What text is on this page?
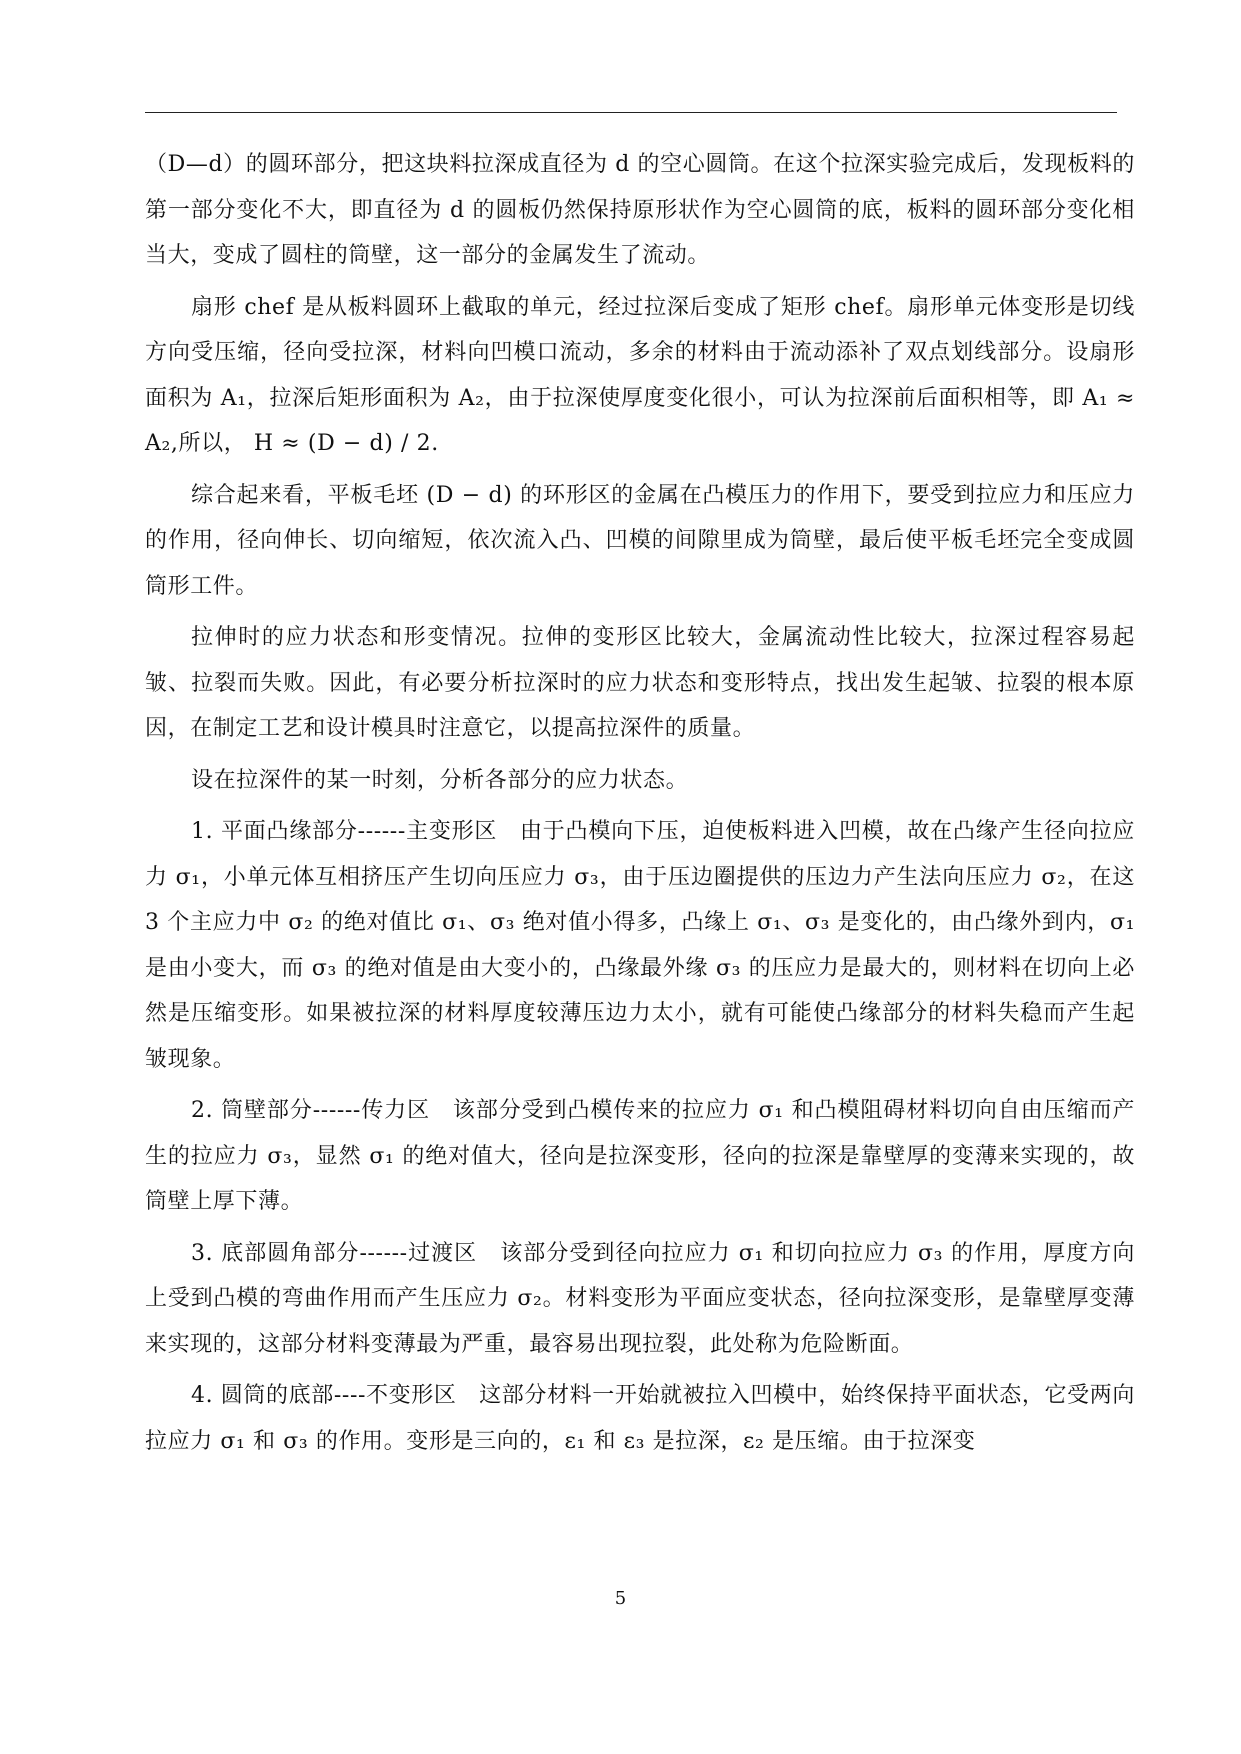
（D—d）的圆环部分，把这块料拉深成直径为 d 的空心圆筒。在这个拉深实验完成后，发现板料的第一部分变化不大，即直径为 d 的圆板仍然保持原形状作为空心圆筒的底，板料的圆环部分变化相当大，变成了圆柱的筒壁，这一部分的金属发生了流动。

扇形 chef 是从板料圆环上截取的单元，经过拉深后变成了矩形 chef。扇形单元体变形是切线方向受压缩，径向受拉深，材料向凹模口流动，多余的材料由于流动添补了双点划线部分。设扇形面积为 A₁，拉深后矩形面积为 A₂，由于拉深使厚度变化很小，可认为拉深前后面积相等，即 A₁ ≈ A₂,所以， H ≈ (D − d) / 2.

综合起来看，平板毛坯 (D − d) 的环形区的金属在凸模压力的作用下，要受到拉应力和压应力的作用，径向伸长、切向缩短，依次流入凸、凹模的间隙里成为筒壁，最后使平板毛坯完全变成圆筒形工件。

拉伸时的应力状态和形变情况。拉伸的变形区比较大，金属流动性比较大，拉深过程容易起皱、拉裂而失败。因此，有必要分析拉深时的应力状态和变形特点，找出发生起皱、拉裂的根本原因，在制定工艺和设计模具时注意它，以提高拉深件的质量。

设在拉深件的某一时刻，分析各部分的应力状态。

1. 平面凸缘部分------主变形区　由于凸模向下压，迫使板料进入凹模，故在凸缘产生径向拉应力 σ₁，小单元体互相挤压产生切向压应力 σ₃，由于压边圈提供的压边力产生法向压应力 σ₂，在这 3 个主应力中 σ₂ 的绝对值比 σ₁、σ₃ 绝对值小得多，凸缘上 σ₁、σ₃ 是变化的，由凸缘外到内，σ₁ 是由小变大，而 σ₃ 的绝对值是由大变小的，凸缘最外缘 σ₃ 的压应力是最大的，则材料在切向上必然是压缩变形。如果被拉深的材料厚度较薄压边力太小，就有可能使凸缘部分的材料失稳而产生起皱现象。

2. 筒壁部分------传力区　该部分受到凸模传来的拉应力 σ₁ 和凸模阻碍材料切向自由压缩而产生的拉应力 σ₃，显然 σ₁ 的绝对值大，径向是拉深变形，径向的拉深是靠壁厚的变薄来实现的，故筒壁上厚下薄。

3. 底部圆角部分------过渡区　该部分受到径向拉应力 σ₁ 和切向拉应力 σ₃ 的作用，厚度方向上受到凸模的弯曲作用而产生压应力 σ₂。材料变形为平面应变状态，径向拉深变形，是靠壁厚变薄来实现的，这部分材料变薄最为严重，最容易出现拉裂，此处称为危险断面。

4. 圆筒的底部----不变形区　这部分材料一开始就被拉入凹模中，始终保持平面状态，它受两向拉应力 σ₁ 和 σ₃ 的作用。变形是三向的，ε₁ 和 ε₃ 是拉深，ε₂ 是压缩。由于拉深变

5
